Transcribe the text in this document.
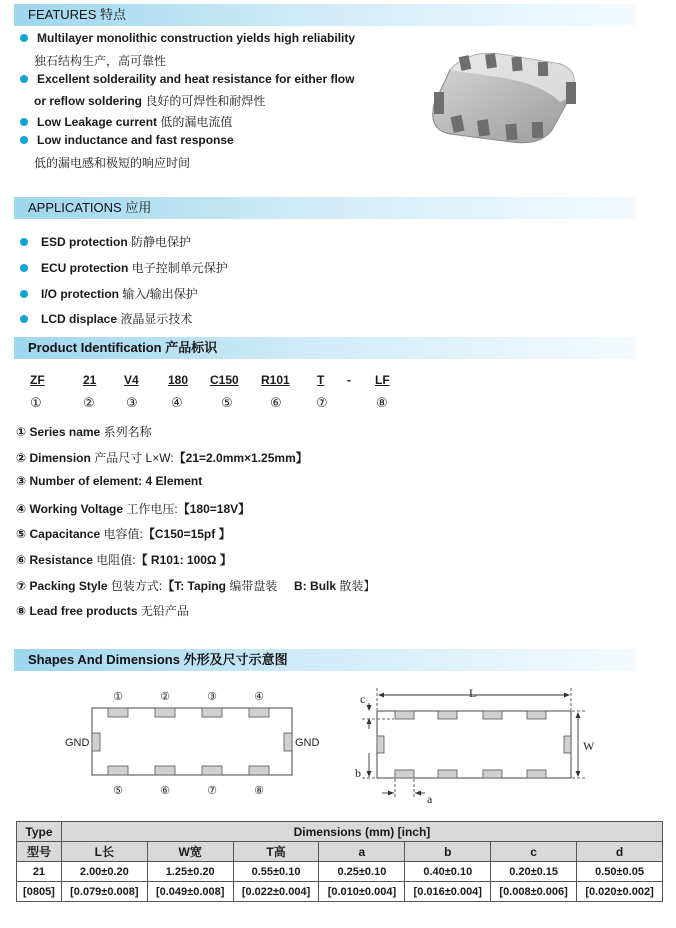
FEATURES 特点
Multilayer monolithic construction yields high reliability
独石结构生产，高可靠性
Excellent solderaility and heat resistance for either flow
or reflow soldering 良好的可焊性和耐焊性
Low Leakage current 低的漏电流值
Low inductance and fast response
低的漏电感和极短的响应时间
APPLICATIONS 应用
ESD protection 防静电保护
ECU protection 电子控制单元保护
I/O protection 输入/输出保护
LCD displace 液晶显示技术
Product Identification 产品标识
ZF	21 V4 180 C150 R101 T - LF
①	② ③	④	⑤	⑥	⑦	⑧
① Series name 系列名称
② Dimension 产品尺寸 L×W:【21=2.0mm×1.25mm】
③ Number of element: 4 Element
④ Working Voltage 工作电压:【180=18V】
⑤ Capacitance 电容值:【C150=15pf 】
⑥ Resistance 电阻值:【 R101: 100Ω 】
⑦ Packing Style 包装方式:【T: Taping 编带盘装 B: Bulk 散装】
⑧ Lead free products 无铅产品
Shapes And Dimensions 外形及尺寸示意图
①	②	③	④
⑤	⑥	⑦	⑧
GND	GND
c	L
W
b
a
Type	Dimensions (mm) [inch]						
型号	L长	W宽	T高	a	b	c	d
21	2.00±0.20	1.25±0.20	0.55±0.10	0.25±0.10	0.40±0.10	0.20±0.15	0.50±0.05
[0805]	[0.079±0.008]	[0.049±0.008]	[0.022±0.004]	[0.010±0.004]	[0.016±0.004]	[0.008±0.006]	[0.020±0.002]
